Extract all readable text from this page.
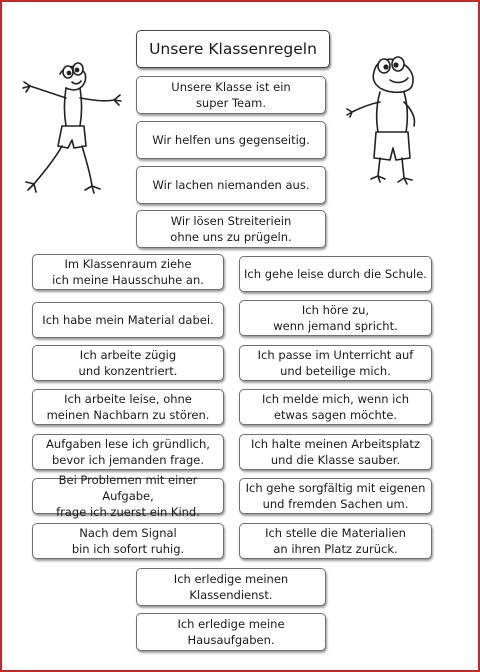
Unsere Klassenregeln
Unsere Klasse ist ein
super Team.
Wir helfen uns gegenseitig.
Wir lachen niemanden aus.
Wir lösen Streiteriein
ohne uns zu prügeln.
Im Klassenraum ziehe
ich meine Hausschuhe an.
Ich habe mein Material dabei.
Ich arbeite zügig
und konzentriert.
Ich arbeite leise, ohne
meinen Nachbarn zu stören.
Aufgaben lese ich gründlich,
bevor ich jemanden frage.
Bei Problemen mit einer Aufgabe,
frage ich zuerst ein Kind.
Nach dem Signal
bin ich sofort ruhig.
Ich gehe leise durch die Schule.
Ich höre zu,
wenn jemand spricht.
Ich passe im Unterricht auf
und beteilige mich.
Ich melde mich, wenn ich
etwas sagen möchte.
Ich halte meinen Arbeitsplatz
und die Klasse sauber.
Ich gehe sorgfältig mit eigenen
und fremden Sachen um.
Ich stelle die Materialien
an ihren Platz zurück.
Ich erledige meinen
Klassendienst.
Ich erledige meine
Hausaufgaben.
